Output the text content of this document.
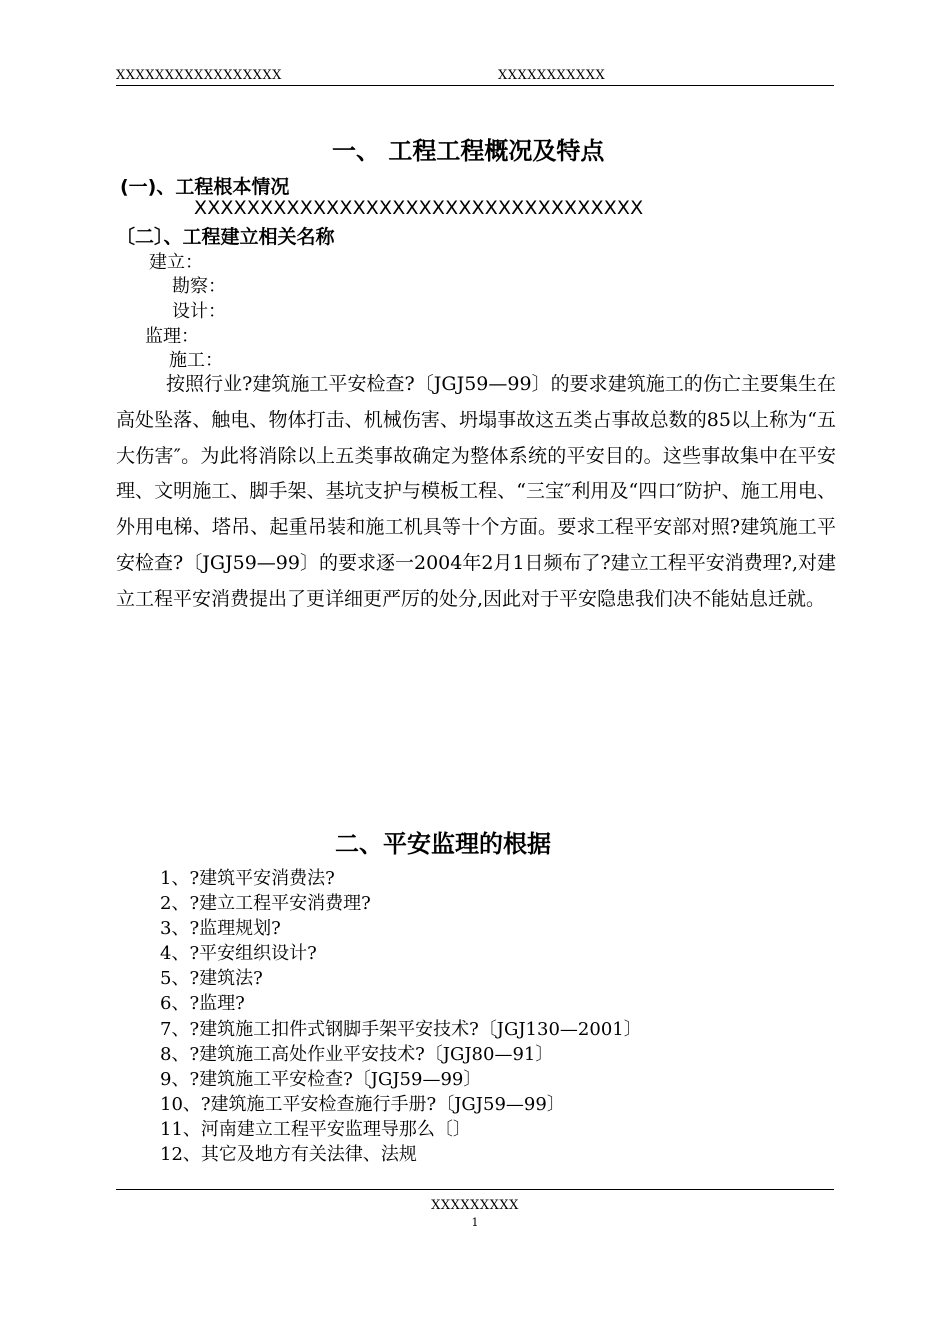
XXXXXXXXXXXXXXXXX	XXXXXXXXXXX
一、 工程工程概况及特点
(一)、工程根本情况
XXXXXXXXXXXXXXXXXXXXXXXXXXXXXXXXXX
〔二〕、工程建立相关名称
建立：
勘察：
设计：
监理：
施工：
按照行业?建筑施工平安检查?〔JGJ59—99〕的要求建筑施工的伤亡主要集生在高处坠落、触电、物体打击、机械伤害、坍塌事故这五类占事故总数的85以上称为“五大伤害″。为此将消除以上五类事故确定为整体系统的平安目的。这些事故集中在平安理、文明施工、脚手架、基坑支护与模板工程、“三宝″利用及“四口″防护、施工用电、外用电梯、塔吊、起重吊装和施工机具等十个方面。要求工程平安部对照?建筑施工平安检查?〔JGJ59—99〕的要求逐一2004年2月1日频布了?建立工程平安消费理?,对建立工程平安消费提出了更详细更严厉的处分,因此对于平安隐患我们决不能姑息迁就。
二、平安监理的根据
1、?建筑平安消费法?
2、?建立工程平安消费理?
3、?监理规划?
4、?平安组织设计?
5、?建筑法?
6、?监理?
7、?建筑施工扣件式钢脚手架平安技术?〔JGJ130—2001〕
8、?建筑施工高处作业平安技术?〔JGJ80—91〕
9、?建筑施工平安检查?〔JGJ59—99〕
10、?建筑施工平安检查施行手册?〔JGJ59—99〕
11、河南建立工程平安监理导那么〔〕
12、其它及地方有关法律、法规
XXXXXXXXX
1
